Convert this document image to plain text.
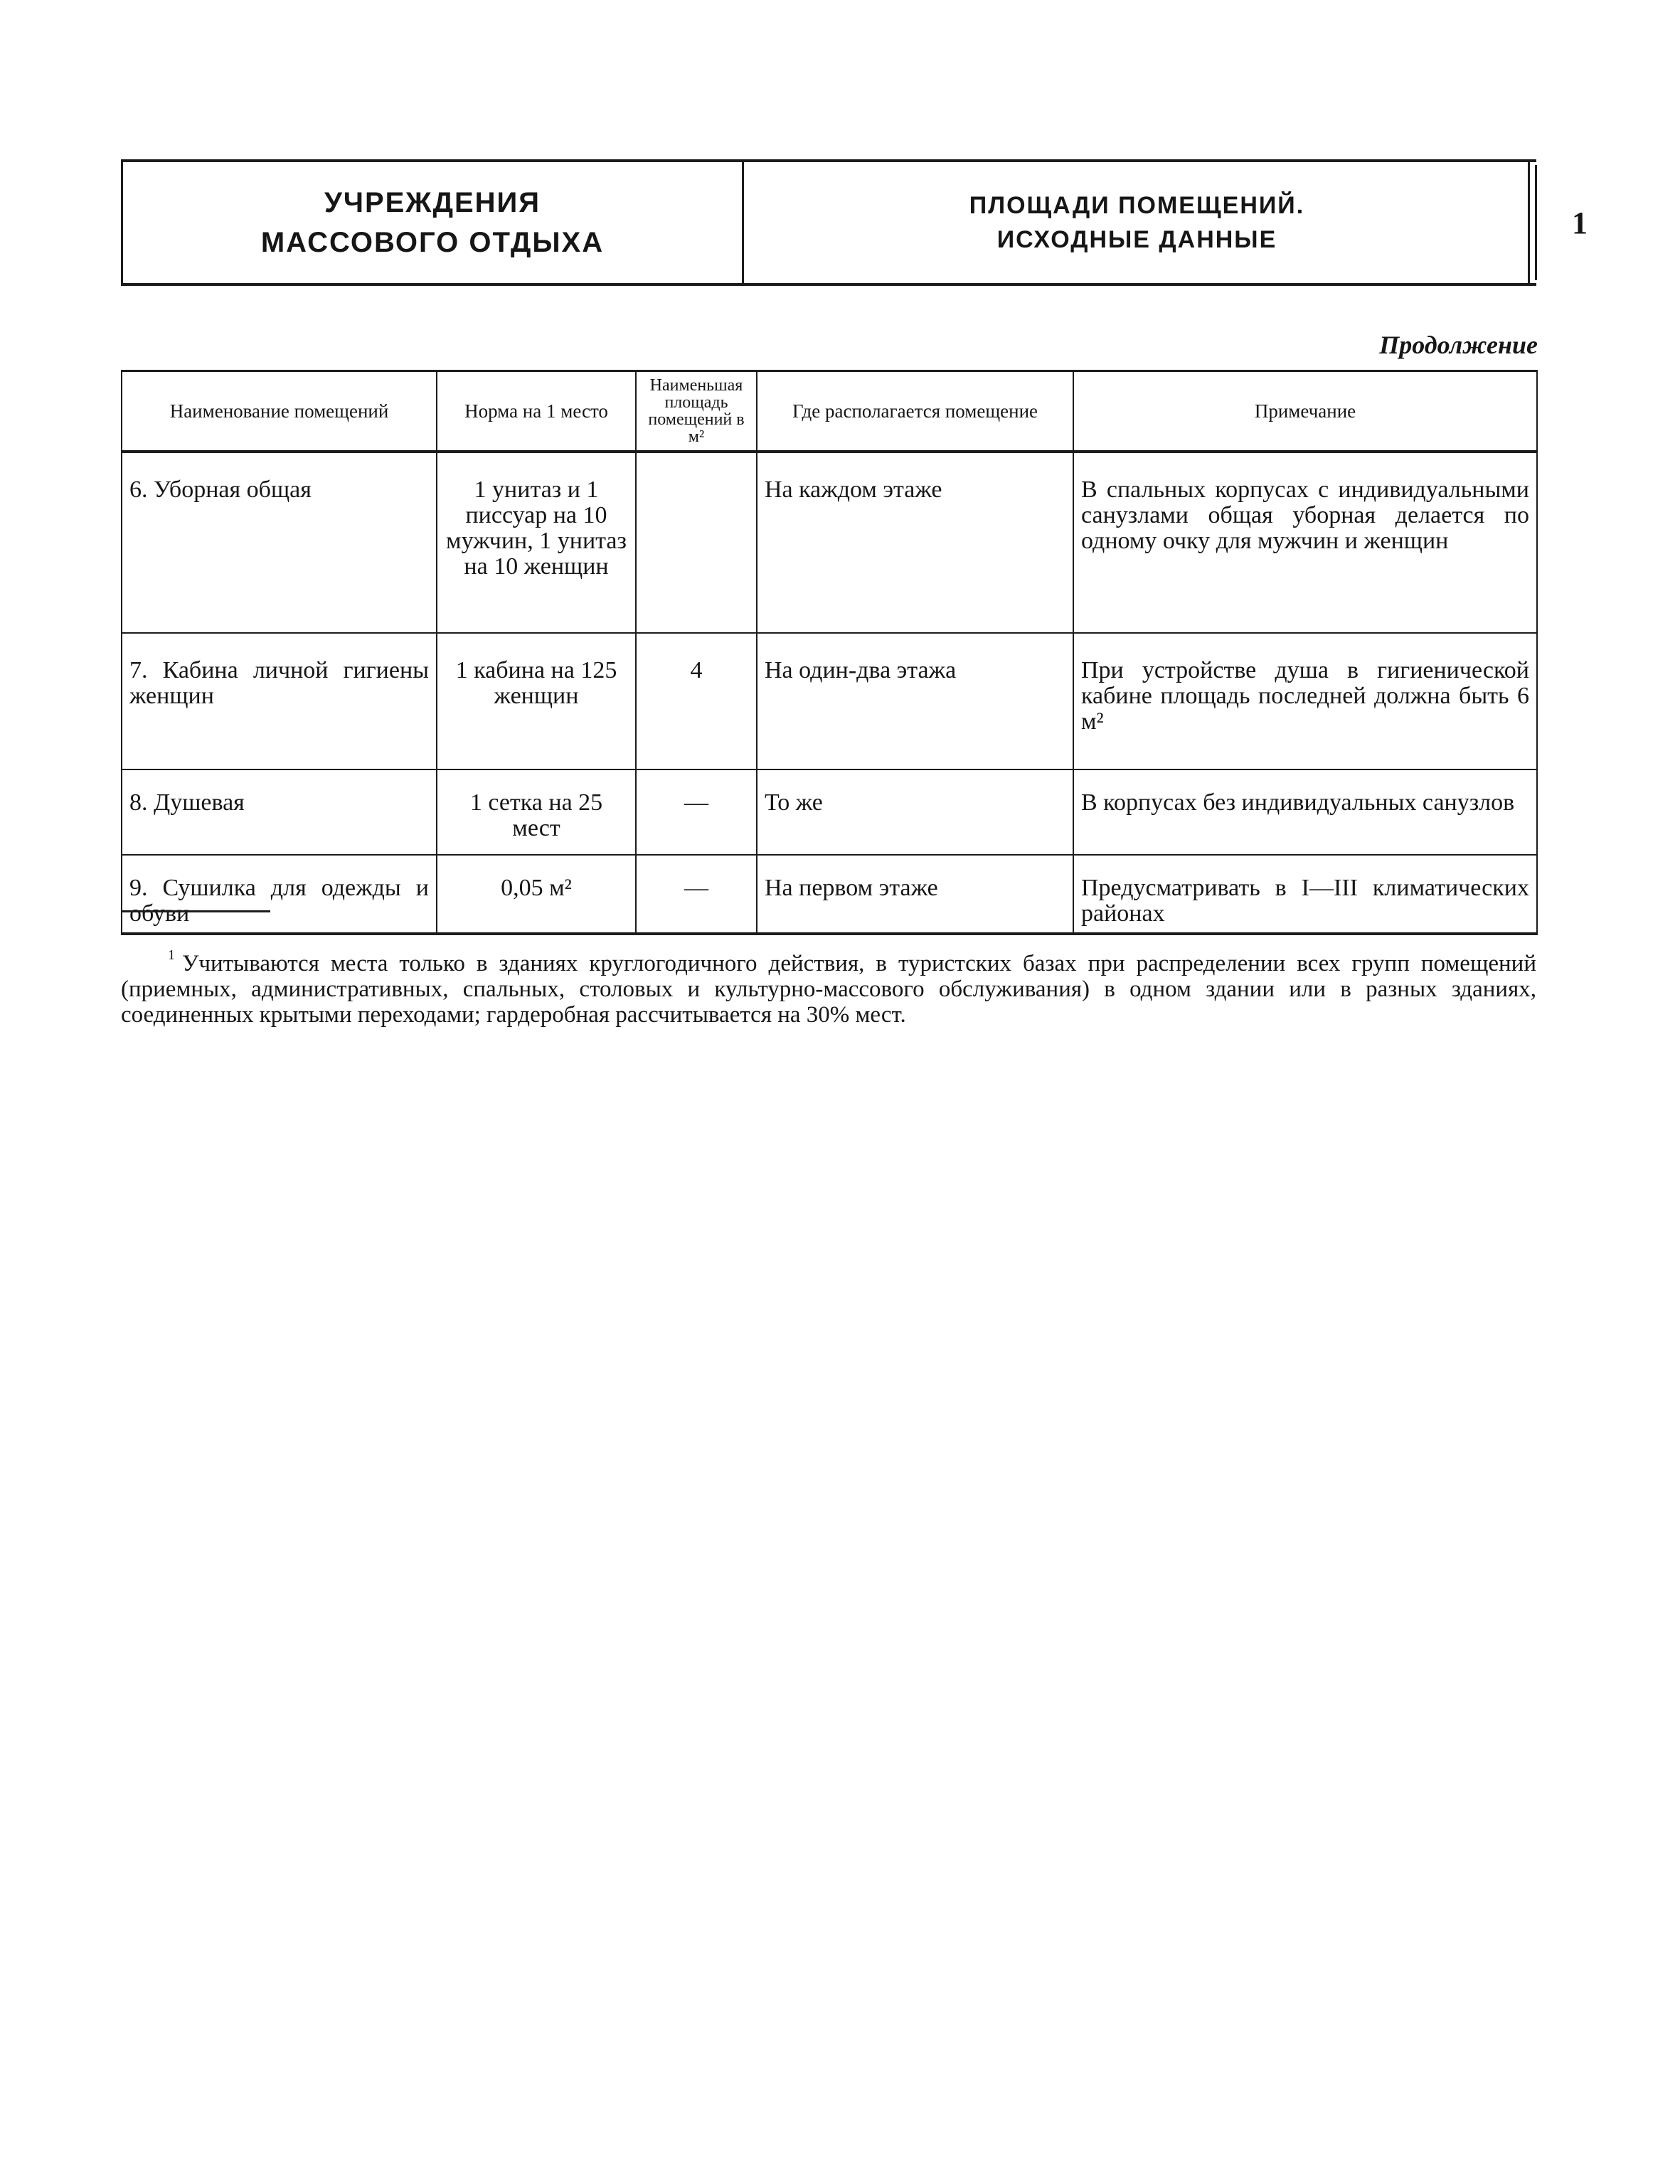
УЧРЕЖДЕНИЯ
МАССОВОГО ОТДЫХА
ПЛОЩАДИ ПОМЕЩЕНИЙ.
ИСХОДНЫЕ ДАННЫЕ	1
Продолжение
Наименование помещений	Норма на 1 место	Наименьшая площадь помещений в м²	Где располагается помещение	Примечание
6. Уборная общая	1 унитаз и 1 писсуар на 10 мужчин, 1 унитаз на 10 женщин		На каждом этаже	В спальных корпусах с индивидуальными санузлами общая уборная делается по одному очку для мужчин и женщин
7. Кабина личной гигиены женщин	1 кабина на 125 женщин	4	На один-два этажа	При устройстве душа в гигиенической кабине площадь последней должна быть 6 м²
8. Душевая	1 сетка на 25 мест	—	То же	В корпусах без индивидуальных санузлов
9. Сушилка для одежды и обуви	0,05 м²	—	На первом этаже	Предусматривать в I—III климатических районах

$^1$ Учитываются места только в зданиях круглогодичного действия, в туристских базах при распределении всех групп помещений (приемных, административных, спальных, столовых и культурно-массового обслуживания) в одном здании или в разных зданиях, соединенных крытыми переходами; гардеробная рассчитывается на 30% мест.
